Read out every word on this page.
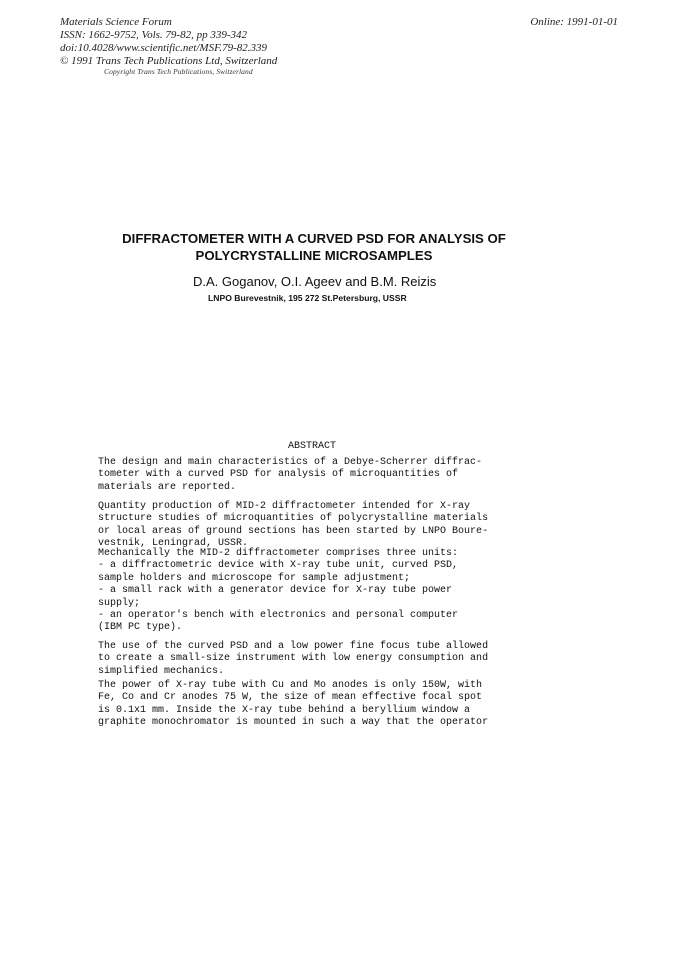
Materials Science Forum
ISSN: 1662-9752, Vols. 79-82, pp 339-342
doi:10.4028/www.scientific.net/MSF.79-82.339
© 1991 Trans Tech Publications Ltd, Switzerland
Online: 1991-01-01
Copyright Trans Tech Publications, Switzerland
DIFFRACTOMETER WITH A CURVED PSD FOR ANALYSIS OF
POLYCRYSTALLINE MICROSAMPLES
D.A. Goganov, O.I. Ageev and B.M. Reizis
LNPO Burevestnik, 195 272 St.Petersburg, USSR
ABSTRACT
The design and main characteristics of a Debye-Scherrer diffrac-
tometer with a curved PSD for analysis of microquantities of
materials are reported.
Quantity production of MID-2 diffractometer intended for X-ray
structure studies of microquantities of polycrystalline materials
or local areas of ground sections has been started by LNPO Boure-
vestnik, Leningrad, USSR.
Mechanically the MID-2 diffractometer comprises three units:
- a diffractometric device with X-ray tube unit, curved PSD,
sample holders and microscope for sample adjustment;
- a small rack with a generator device for X-ray tube power
supply;
- an operator's bench with electronics and personal computer
(IBM PC type).
The use of the curved PSD and a low power fine focus tube allowed
to create a small-size instrument with low energy consumption and
simplified mechanics.
The power of X-ray tube with Cu and Mo anodes is only 150W, with
Fe, Co and Cr anodes 75 W, the size of mean effective focal spot
is 0.1x1 mm. Inside the X-ray tube behind a beryllium window a
graphite monochromator is mounted in such a way that the operator
